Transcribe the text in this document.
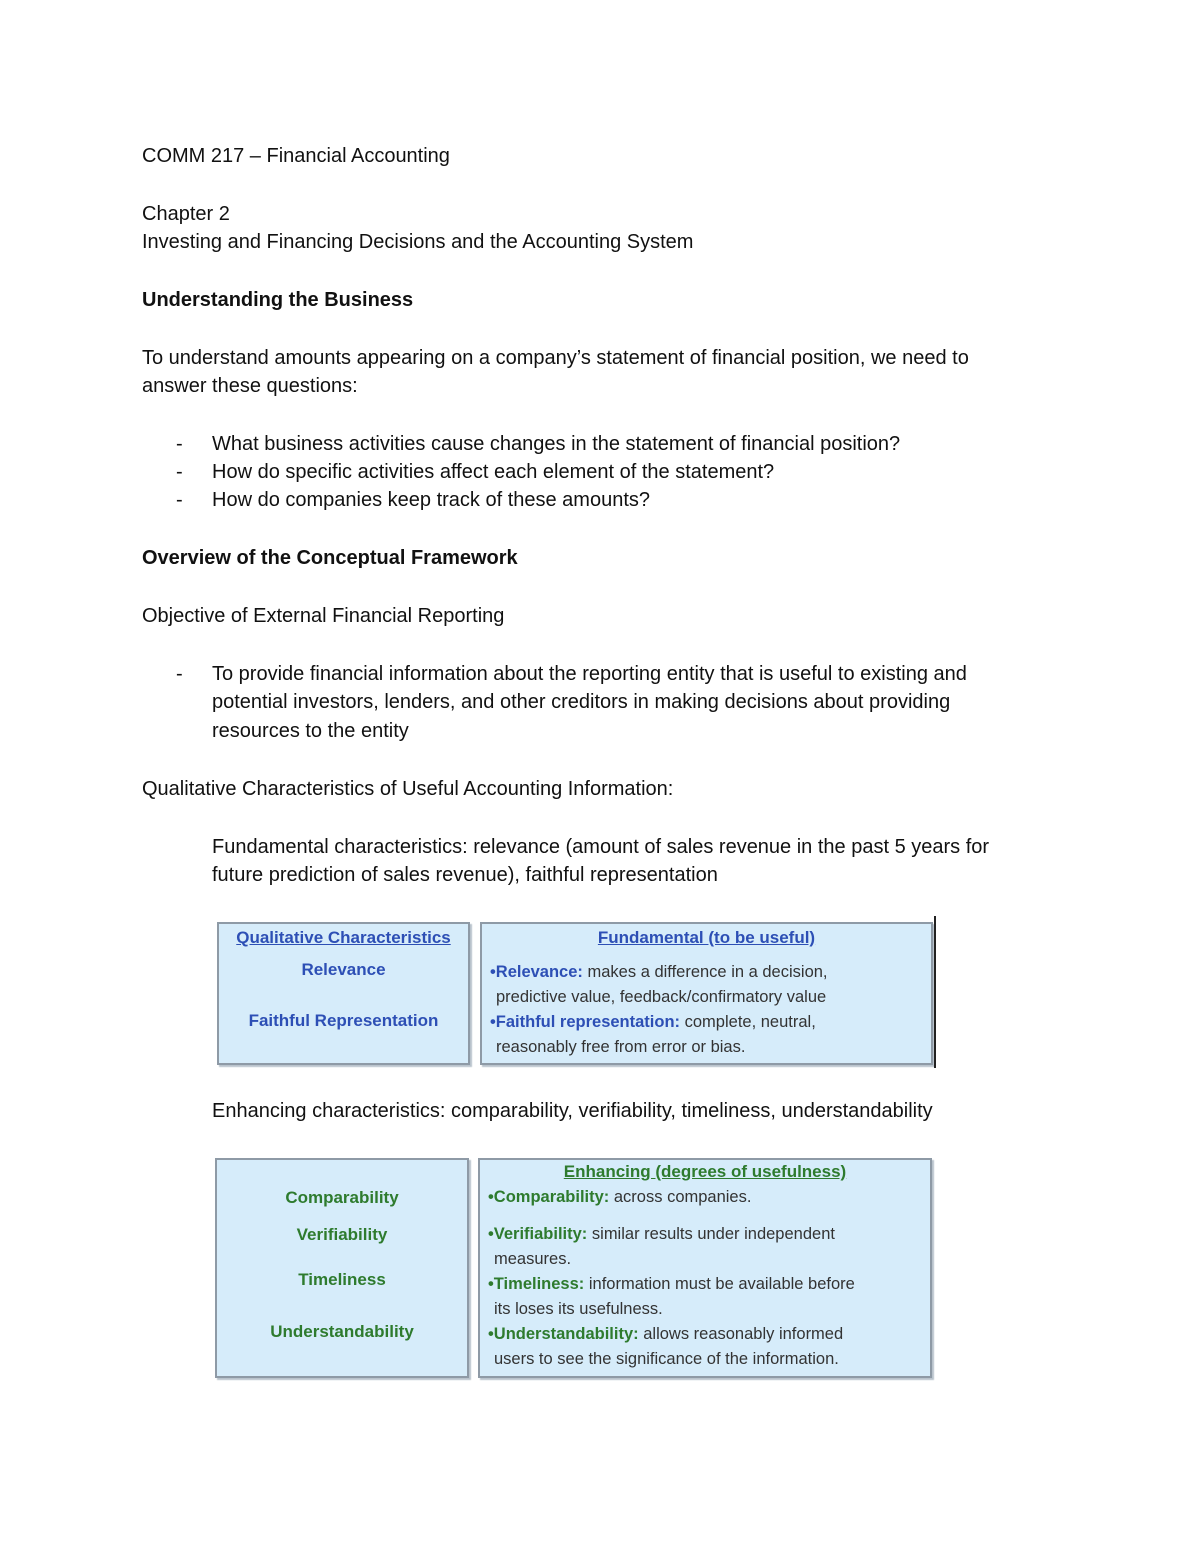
COMM 217 – Financial Accounting
Chapter 2
Investing and Financing Decisions and the Accounting System
Understanding the Business
To understand amounts appearing on a company’s statement of financial position, we need to
answer these questions:
- What business activities cause changes in the statement of financial position?
- How do specific activities affect each element of the statement?
- How do companies keep track of these amounts?
Overview of the Conceptual Framework
Objective of External Financial Reporting
- To provide financial information about the reporting entity that is useful to existing and
potential investors, lenders, and other creditors in making decisions about providing
resources to the entity
Qualitative Characteristics of Useful Accounting Information:
Fundamental characteristics: relevance (amount of sales revenue in the past 5 years for
future prediction of sales revenue), faithful representation
Qualitative Characteristics
Relevance
Faithful Representation
Fundamental (to be useful)
•Relevance: makes a difference in a decision,
predictive value, feedback/confirmatory value
•Faithful representation: complete, neutral,
reasonably free from error or bias.
Enhancing characteristics: comparability, verifiability, timeliness, understandability
Comparability
Verifiability
Timeliness
Understandability
Enhancing (degrees of usefulness)
•Comparability: across companies.
•Verifiability: similar results under independent
measures.
•Timeliness: information must be available before
its loses its usefulness.
•Understandability: allows reasonably informed
users to see the significance of the information.
